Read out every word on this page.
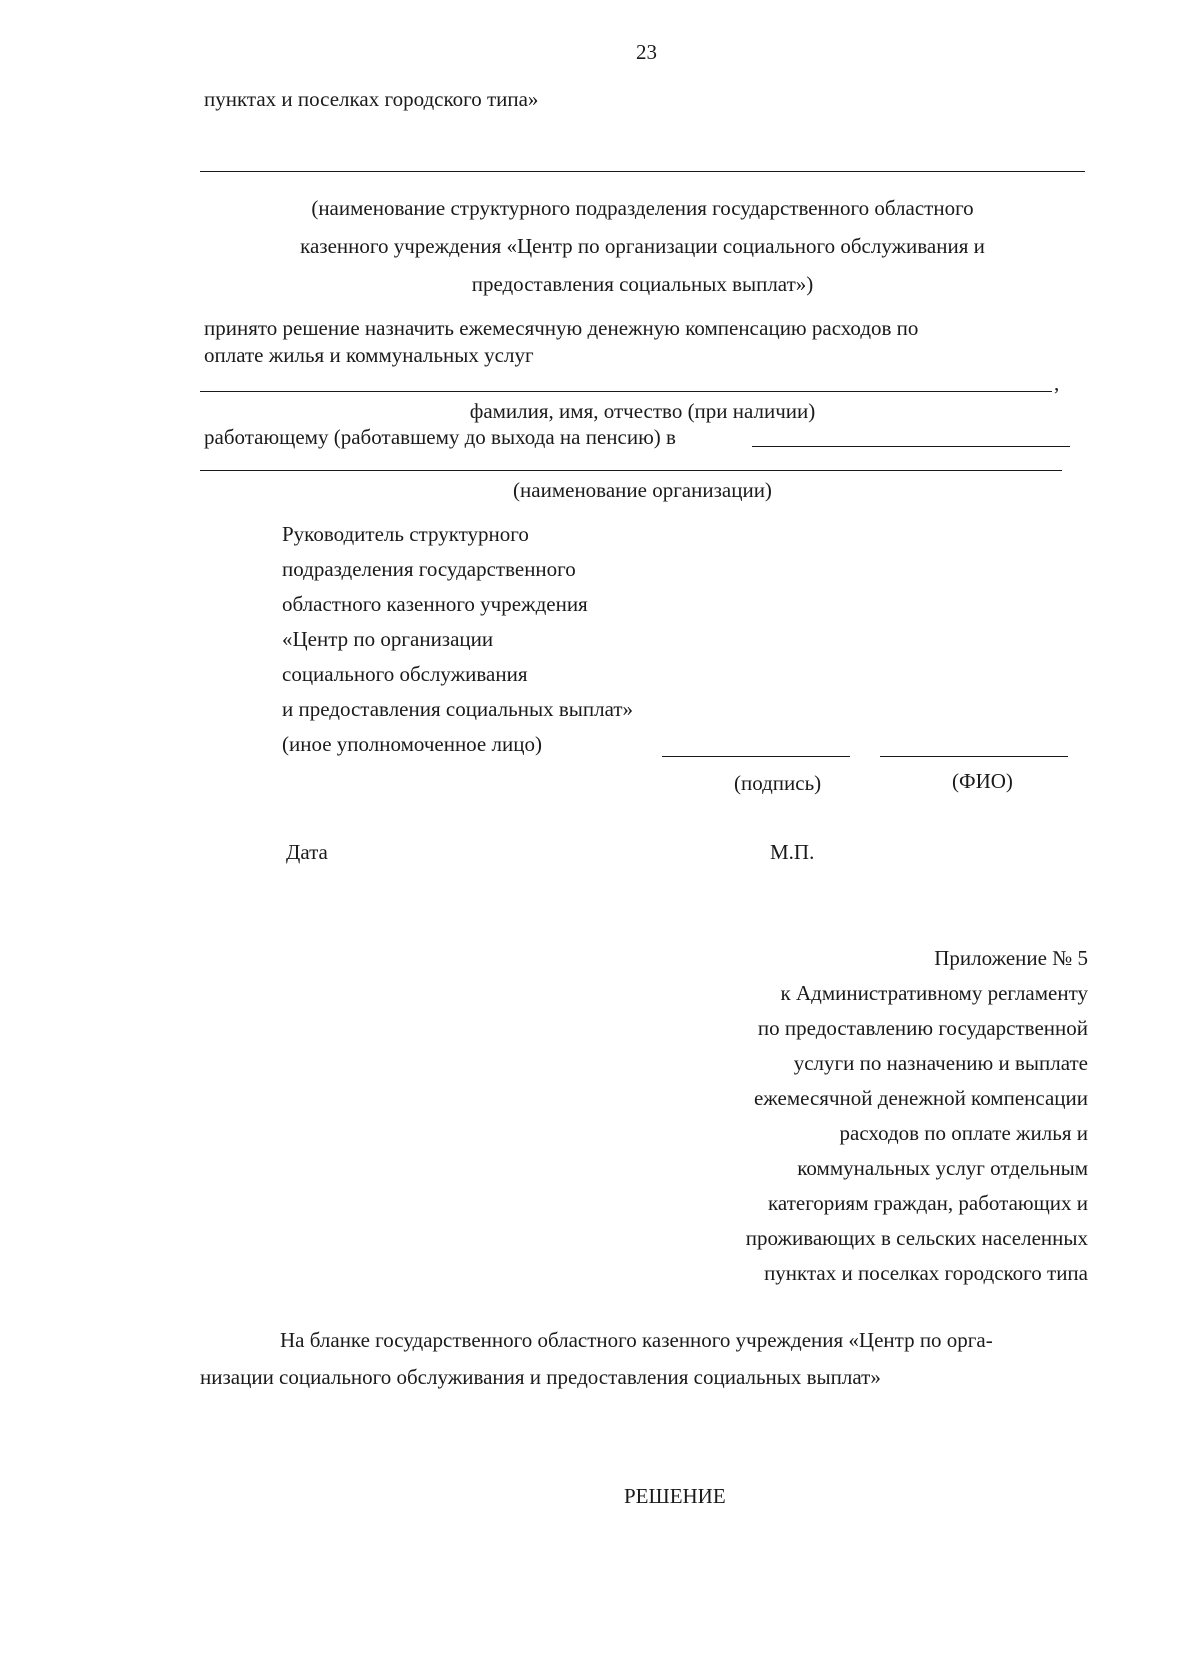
23
пунктах и поселках городского типа»
(наименование структурного подразделения государственного областного
казенного учреждения «Центр по организации социального обслуживания и
предоставления социальных выплат»)
принято решение назначить ежемесячную денежную компенсацию расходов по
оплате жилья и коммунальных услуг
,
фамилия, имя, отчество (при наличии)
работающему (работавшему до выхода на пенсию) в
(наименование организации)
Руководитель структурного
подразделения государственного
областного казенного учреждения
«Центр по организации
социального обслуживания
и предоставления социальных выплат»
(иное уполномоченное лицо)
(подпись)	(ФИО)
Дата	М.П.
Приложение № 5
к Административному регламенту
по предоставлению государственной
услуги по назначению и выплате
ежемесячной денежной компенсации
расходов по оплате жилья и
коммунальных услуг отдельным
категориям граждан, работающих и
проживающих в сельских населенных
пунктах и поселках городского типа
На бланке государственного областного казенного учреждения «Центр по орга-
низации социального обслуживания и предоставления социальных выплат»
РЕШЕНИЕ
